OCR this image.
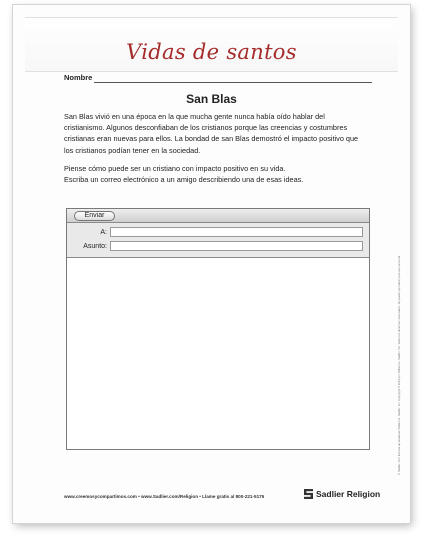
Vidas de santos
Nombre
San Blas

San Blas vivió en una época en la que mucha gente nunca había oído hablar del cristianismo. Algunos desconfiaban de los cristianos porque las creencias y costumbres cristianas eran nuevas para ellos. La bondad de san Blas demostró el impacto positivo que los cristianos podían tener en la sociedad.

Piense cómo puede ser un cristiano con impacto positivo en su vida.
Escriba un correo electrónico a un amigo describiendo una de esas ideas.

Enviar
A:
Asunto:
© Sadlier. Con licencia aprobada de William H. Sadlier, Inc. Copyright © 2013 por William H. Sadlier, Inc. Todos los derechos reservados. Se puede reproducir para uso personal.
www.creemosycompartimos.com • www.Sadlier.com/Religion • Llame gratis al 800-221-5175	Sadlier Religion
